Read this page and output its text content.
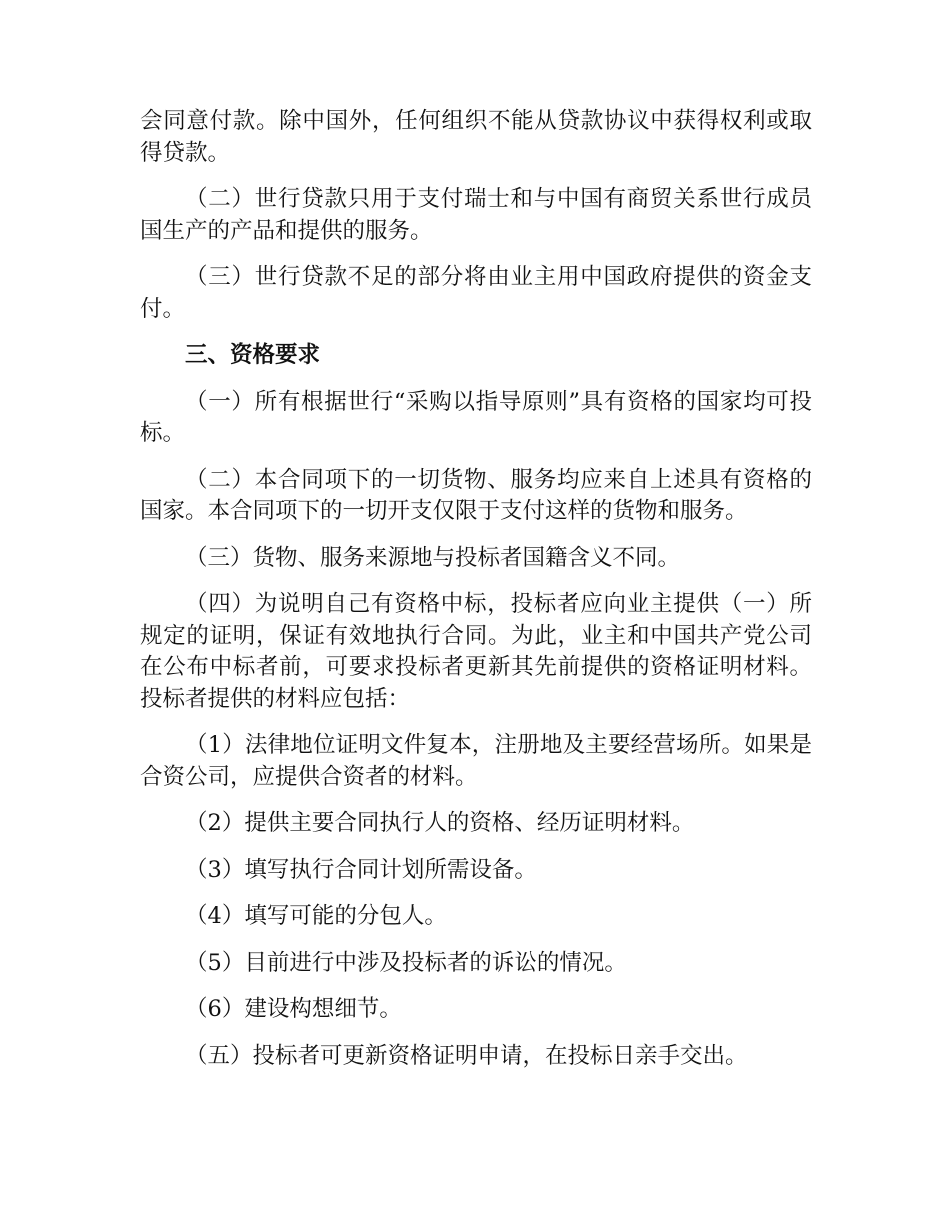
会同意付款。除中国外，任何组织不能从贷款协议中获得权利或取得贷款。

（二）世行贷款只用于支付瑞士和与中国有商贸关系世行成员国生产的产品和提供的服务。

（三）世行贷款不足的部分将由业主用中国政府提供的资金支付。

三、资格要求

（一）所有根据世行“采购以指导原则”具有资格的国家均可投标。

（二）本合同项下的一切货物、服务均应来自上述具有资格的国家。本合同项下的一切开支仅限于支付这样的货物和服务。

（三）货物、服务来源地与投标者国籍含义不同。

（四）为说明自己有资格中标，投标者应向业主提供（一）所规定的证明，保证有效地执行合同。为此，业主和中国共产党公司在公布中标者前，可要求投标者更新其先前提供的资格证明材料。投标者提供的材料应包括：

（1）法律地位证明文件复本，注册地及主要经营场所。如果是合资公司，应提供合资者的材料。

（2）提供主要合同执行人的资格、经历证明材料。

（3）填写执行合同计划所需设备。

（4）填写可能的分包人。

（5）目前进行中涉及投标者的诉讼的情况。

（6）建设构想细节。

（五）投标者可更新资格证明申请，在投标日亲手交出。
